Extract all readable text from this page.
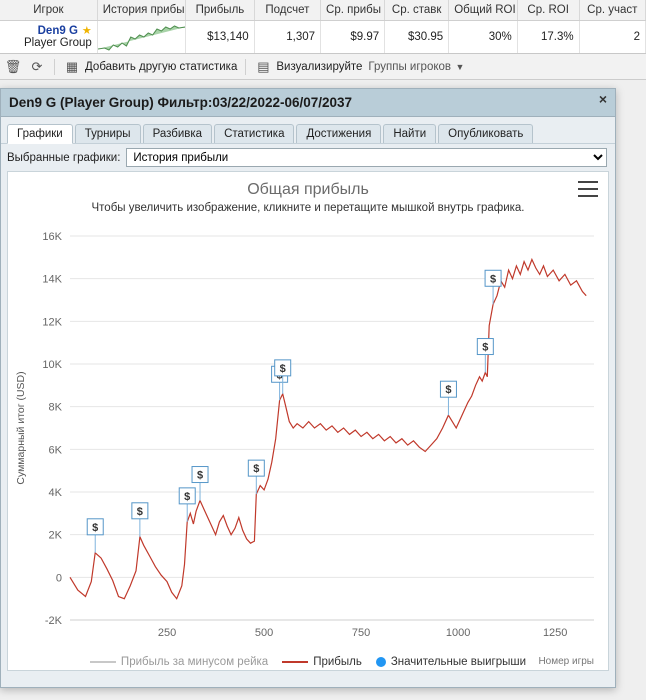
Игрок	История прибы	Прибыль	Подсчет	Ср. прибы	Ср. ставк	Общий ROI	Ср. ROI	Ср. участ
Den9 G ★
Player Group		$13,140	1,307	$9.97	$30.95	30%	17.3%	2
🗑 ⟳ ▦ Добавить другую статистика ▤ Визуализируйте Группы игроков ▼
Den9 G (Player Group) Фильтр:03/22/2022-06/07/2037	×
Графики	Турниры	Разбивка	Статистика	Достижения	Найти	Опубликовать
Выбранные графики:
История прибыли
Общая прибыль
Чтобы увеличить изображение, кликните и перетащите мышкой внутрь графика.
-2K
0
2K
4K
6K
8K
10K
12K
14K
16K
250	500	750	1000	1250
Суммарный итог (USD)
$
$
$
$
$
$
$
$
$
Прибыль за минусом рейка	Прибыль	Значительные выигрыши Номер игры
